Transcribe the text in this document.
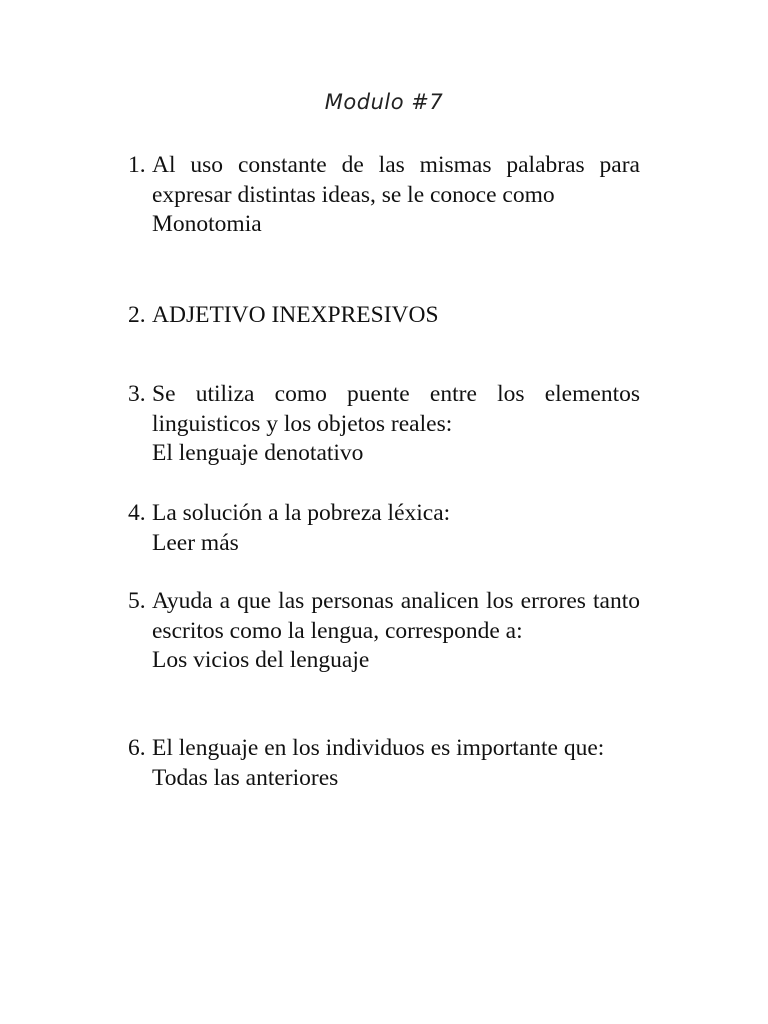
Modulo #7
1. Al uso constante de las mismas palabras para expresar distintas ideas, se le conoce como
Monotomia
2. ADJETIVO INEXPRESIVOS
3. Se utiliza como puente entre los elementos linguisticos y los objetos reales:
El lenguaje denotativo
4. La solución a la pobreza léxica:
Leer más
5. Ayuda a que las personas analicen los errores tanto escritos como la lengua, corresponde a:
Los vicios del lenguaje
6. El lenguaje en los individuos es importante que:
Todas las anteriores
